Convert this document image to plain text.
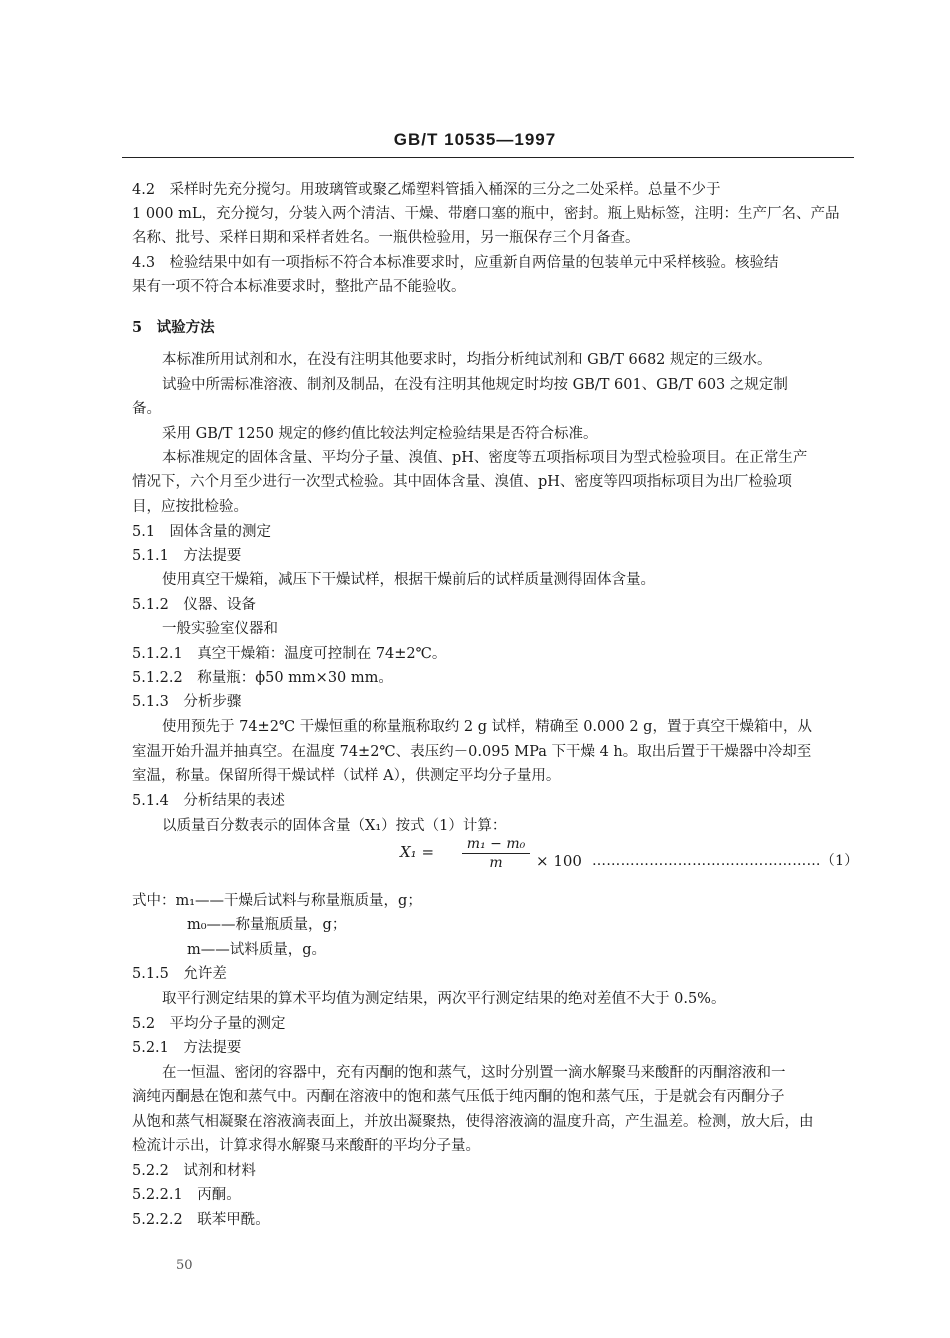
GB/T 10535—1997
4.2　采样时先充分搅匀。用玻璃管或聚乙烯塑料管插入桶深的三分之二处采样。总量不少于
1 000 mL，充分搅匀，分装入两个清洁、干燥、带磨口塞的瓶中，密封。瓶上贴标签，注明：生产厂名、产品
名称、批号、采样日期和采样者姓名。一瓶供检验用，另一瓶保存三个月备查。
4.3　检验结果中如有一项指标不符合本标准要求时，应重新自两倍量的包装单元中采样核验。核验结
果有一项不符合本标准要求时，整批产品不能验收。
5　试验方法
本标准所用试剂和水，在没有注明其他要求时，均指分析纯试剂和 GB/T 6682 规定的三级水。
试验中所需标准溶液、制剂及制品，在没有注明其他规定时均按 GB/T 601、GB/T 603 之规定制
备。
采用 GB/T 1250 规定的修约值比较法判定检验结果是否符合标准。
本标准规定的固体含量、平均分子量、溴值、pH、密度等五项指标项目为型式检验项目。在正常生产
情况下，六个月至少进行一次型式检验。其中固体含量、溴值、pH、密度等四项指标项目为出厂检验项
目，应按批检验。
5.1　固体含量的测定
5.1.1　方法提要
使用真空干燥箱，减压下干燥试样，根据干燥前后的试样质量测得固体含量。
5.1.2　仪器、设备
一般实验室仪器和
5.1.2.1　真空干燥箱：温度可控制在 74±2℃。
5.1.2.2　称量瓶：ϕ50 mm×30 mm。
5.1.3　分析步骤
使用预先于 74±2℃ 干燥恒重的称量瓶称取约 2 g 试样，精确至 0.000 2 g，置于真空干燥箱中，从
室温开始升温并抽真空。在温度 74±2℃、表压约－0.095 MPa 下干燥 4 h。取出后置于干燥器中冷却至
室温，称量。保留所得干燥试样（试样 A），供测定平均分子量用。
5.1.4　分析结果的表述
以质量百分数表示的固体含量（X₁）按式（1）计算：
$X_1 = \frac{\text{m₁ − m₀}}{m} \times 100$ …………………………………………（1）
式中：m₁——干燥后试料与称量瓶质量，g；
m₀——称量瓶质量，g；
m——试料质量，g。
5.1.5　允许差
取平行测定结果的算术平均值为测定结果，两次平行测定结果的绝对差值不大于 0.5%。
5.2　平均分子量的测定
5.2.1　方法提要
在一恒温、密闭的容器中，充有丙酮的饱和蒸气，这时分别置一滴水解聚马来酸酐的丙酮溶液和一
滴纯丙酮悬在饱和蒸气中。丙酮在溶液中的饱和蒸气压低于纯丙酮的饱和蒸气压，于是就会有丙酮分子
从饱和蒸气相凝聚在溶液滴表面上，并放出凝聚热，使得溶液滴的温度升高，产生温差。检测，放大后，由
检流计示出，计算求得水解聚马来酸酐的平均分子量。
5.2.2　试剂和材料
5.2.2.1　丙酮。
5.2.2.2　联苯甲酰。
50
